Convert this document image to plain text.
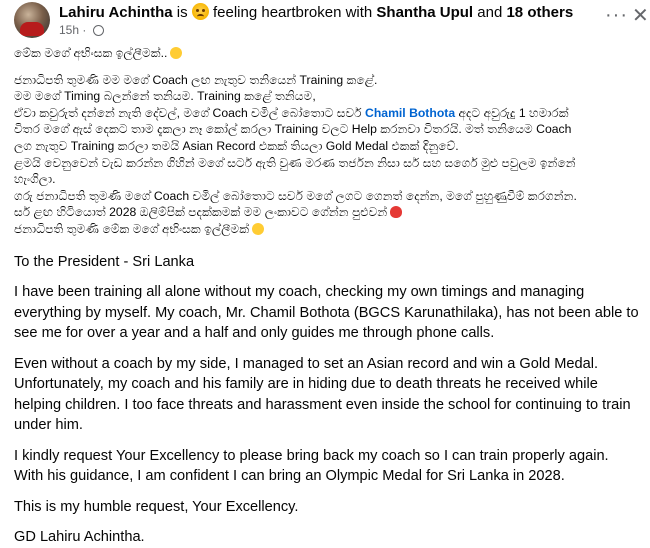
Lahiru Achintha is feeling heartbroken with Shantha Upul and 18 others
15h ·
··· ✕

මේක මගේ අභිංසක ඉල්ලීමක්..

ජනාධිපති තුමණි මම මගේ Coach ලඟ නැතුව තනියෙන් Training කළේ.

මම මගේ Timing බලන්නේ තනියම. Training කළේ තනියම,

ඒවා කවුරුත් දන්නේ නැති දේවල්, මගේ Coach චමිල් බෝතොට සර්ව Chamil Bothota අදට අවුරුදු 1 හමාරක්

විතර මගේ ඇස් දෙකට තාම දැකලා නෑ කෝල් කරලා Training වලට Help කරනවා විතරයි. මත් තනියෙම Coach

ලග නැතුව Training කරලා තමයි Asian Record එකක් තියලා Gold Medal එකක් දිනුවේ.

ළමයි වෙනුවෙන් වැඩ කරන්න ගිහින් මගේ සර්ට ඇති වුණ මරණ තර්ජන නිසා සර් සහ සර්ගෙ මුළු පවුලම ඉන්නේ

හැංගිලා.

ගරු ජනාධිපති තුමණි මගේ Coach චමිල් බෝතොට සර්ව මගේ ලගට ගෙනත් දෙන්න, මගේ පුහුණුවීම් කරගන්න.

සර් ළඟ හිටියොත් 2028 ඔලිම්පික් පදක්කමක් මම ලංකාවට ගේන්න පුළුවන්

ජනාධිපති තුමණි මේක මගේ අභිංසක ඉල්ලීමක්

To the President - Sri Lanka

I have been training all alone without my coach, checking my own timings and managing everything by myself. My coach, Mr. Chamil Bothota (BGCS Karunathilaka), has not been able to see me for over a year and a half and only guides me through phone calls.

Even without a coach by my side, I managed to set an Asian record and win a Gold Medal. Unfortunately, my coach and his family are in hiding due to death threats he received while helping children. I too face threats and harassment even inside the school for continuing to train under him.

I kindly request Your Excellency to please bring back my coach so I can train properly again. With his guidance, I am confident I can bring an Olympic Medal for Sri Lanka in 2028.

This is my humble request, Your Excellency.

GD Lahiru Achintha.
